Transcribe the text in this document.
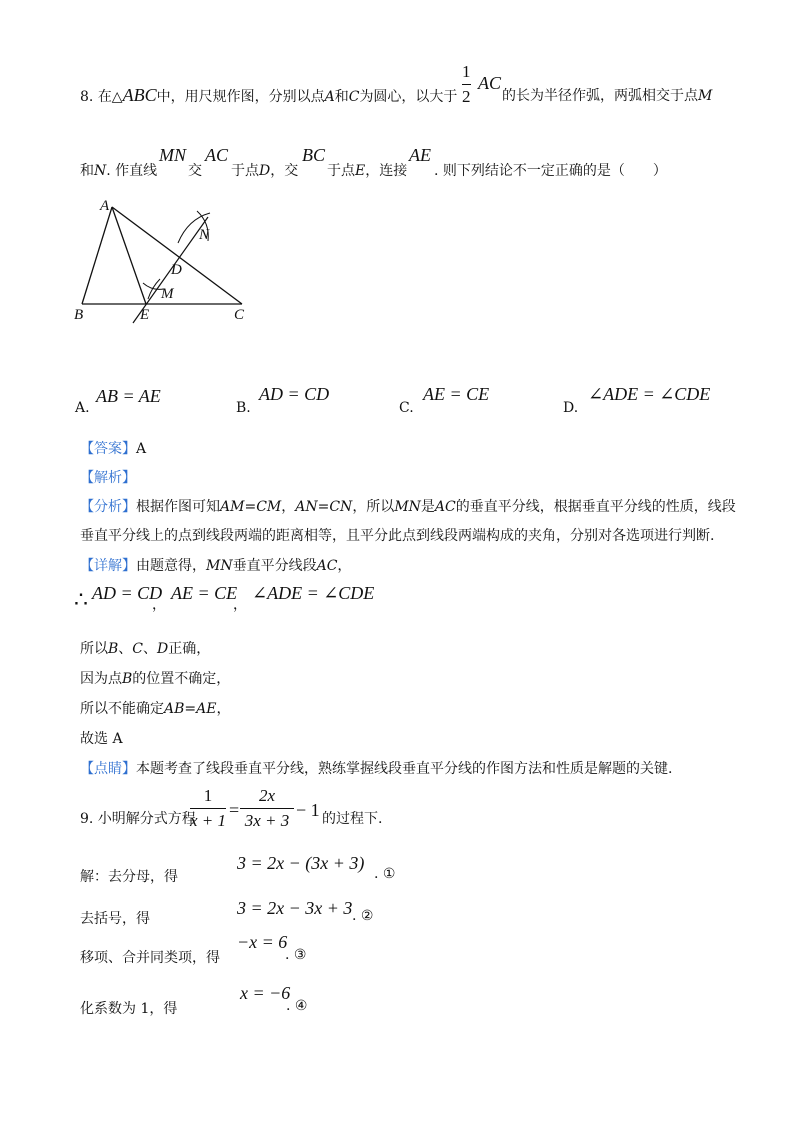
8. 在△ABC中，用尺规作图，分别以点A和C为圆心，以大于
1
2
AC
的长为半径作弧，两弧相交于点M
和N. 作直线
MN
交
AC
于点D，交
BC
于点E，连接
AE
. 则下列结论不一定正确的是（　　）
A
B	C
D
E
M
N
A.
AB = AE
B.
AD = CD
C.
AE = CE
D.
∠ADE = ∠CDE
【答案】A
【解析】
【分析】根据作图可知AM=CM，AN=CN，所以MN是AC的垂直平分线，根据垂直平分线的性质，线段
垂直平分线上的点到线段两端的距离相等，且平分此点到线段两端构成的夹角，分别对各选项进行判断.
【详解】由题意得，MN垂直平分线段AC，
∴ AD = CD
，
AE = CE
，
∠ADE = ∠CDE
所以B、C、D正确，
因为点B的位置不确定，
所以不能确定AB=AE，
故选 A
【点睛】本题考查了线段垂直平分线，熟练掌握线段垂直平分线的作图方法和性质是解题的关键.
9. 小明解分式方程
1
x + 1
=
2x
3x + 3
− 1 的过程下.
解：去分母，得
3 = 2x − (3x + 3)
. ①
去括号，得
3 = 2x − 3x + 3 . ②
移项、合并同类项，得
−x = 6
. ③
化系数为 1，得
x = −6
. ④
